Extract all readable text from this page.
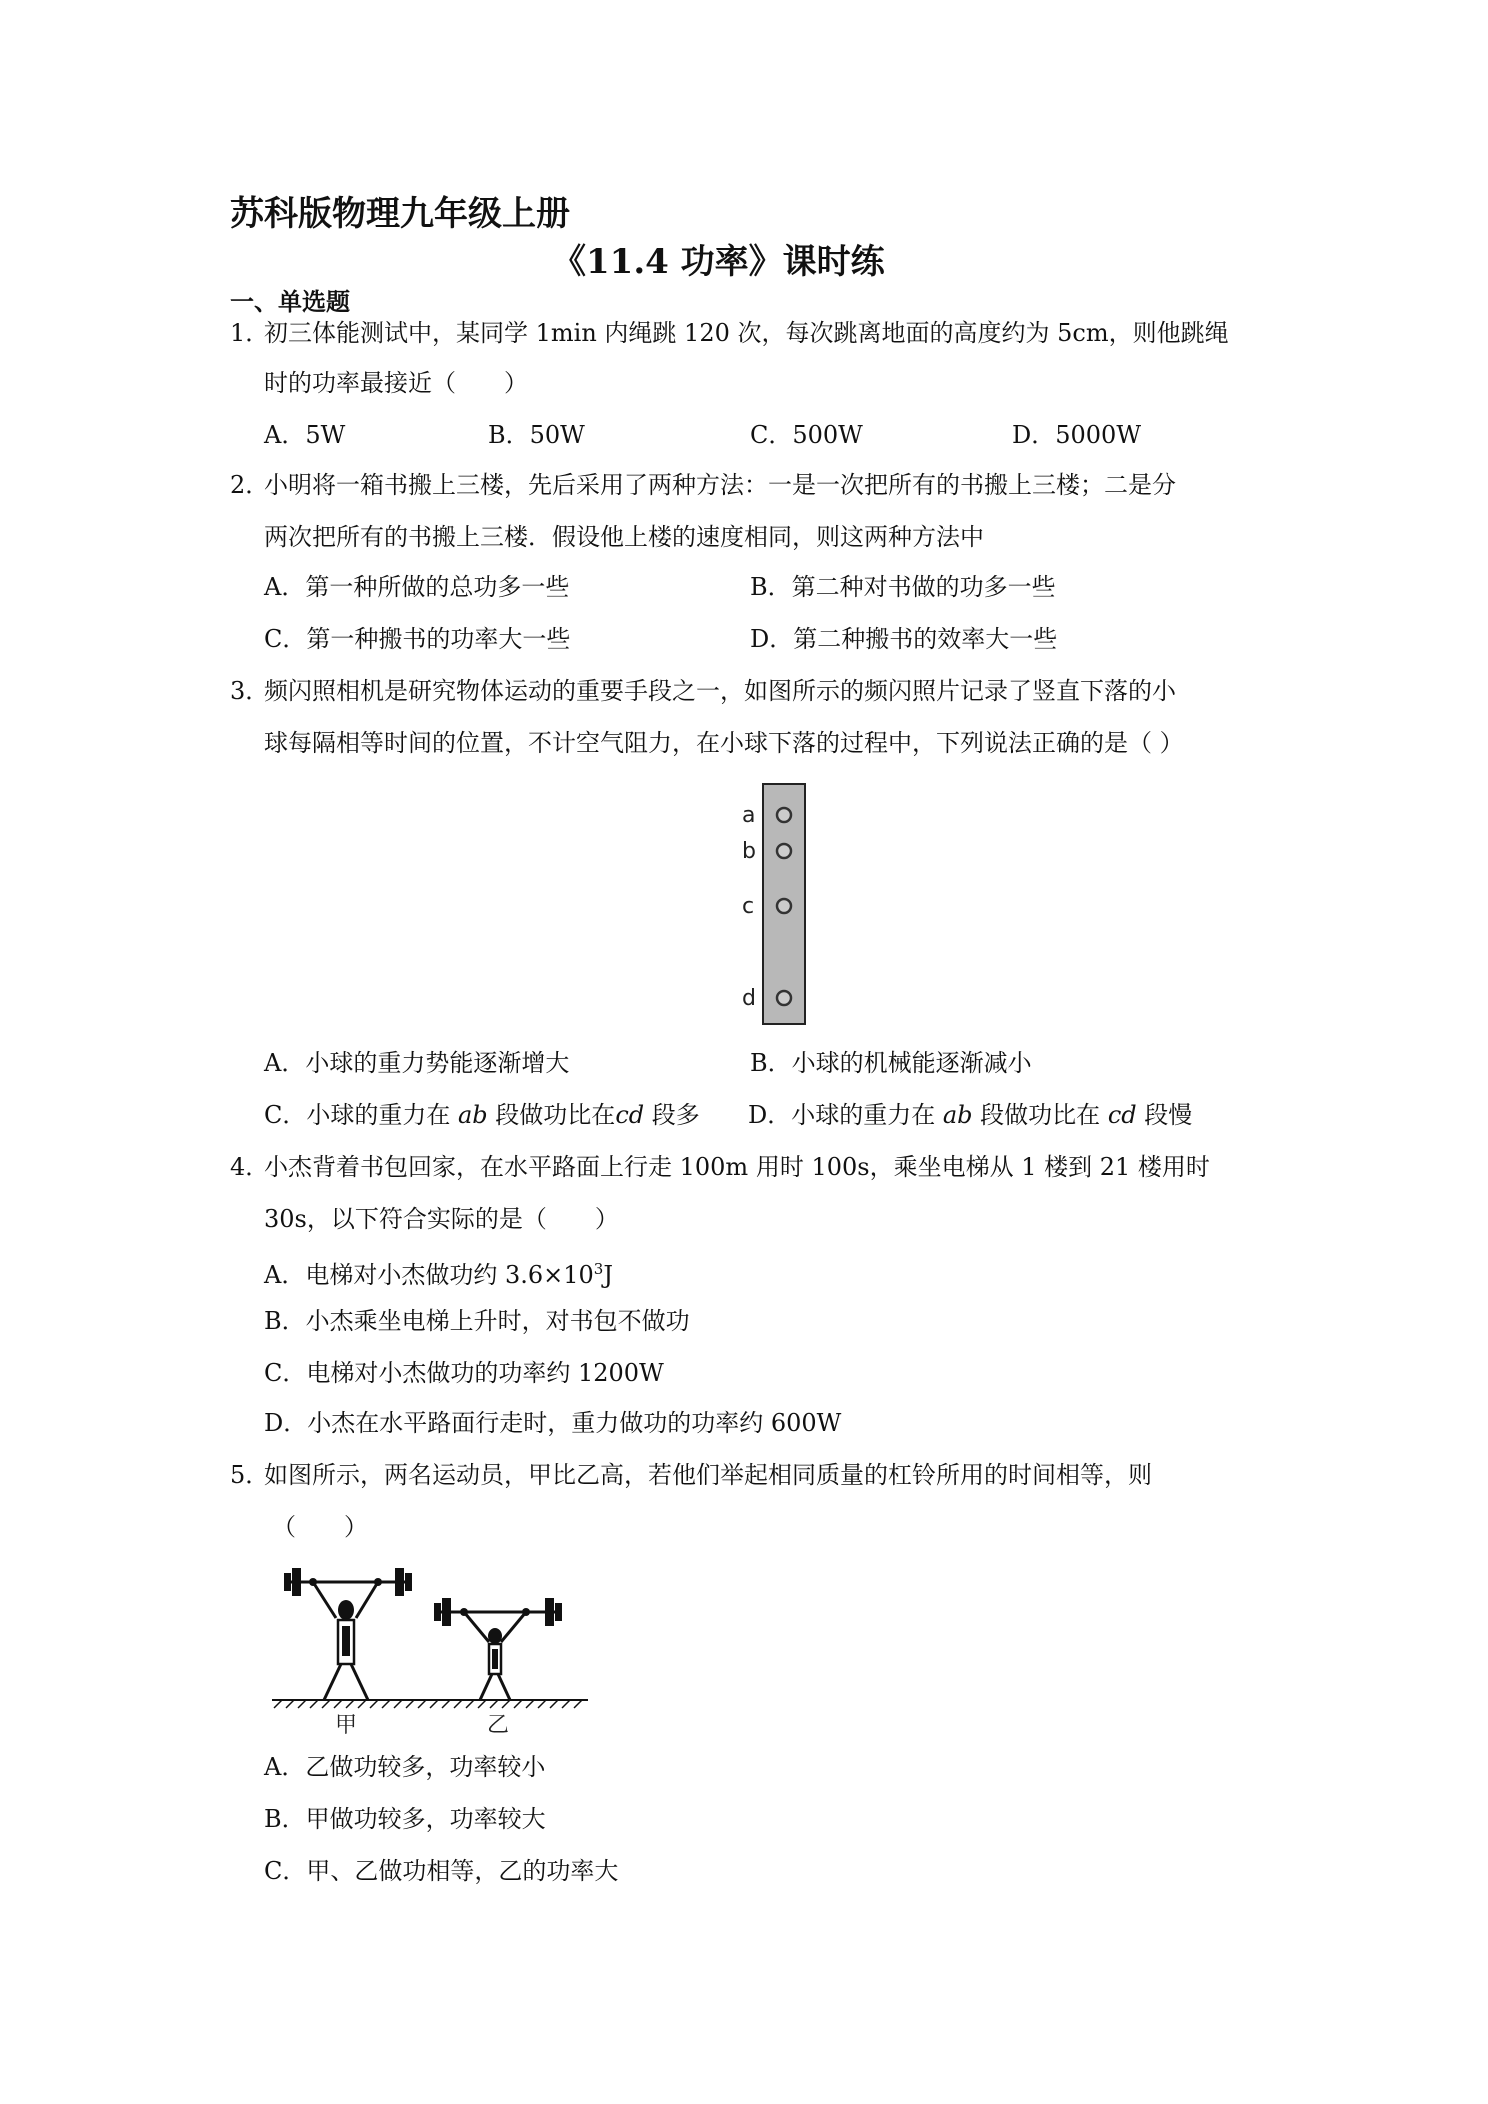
苏科版物理九年级上册
《11.4 功率》课时练
一、单选题
1．
初三体能测试中，某同学 1min 内绳跳 120 次，每次跳离地面的高度约为 5cm，则他跳绳
时的功率最接近（　　）
A．5W	B．50W	C．500W	D．5000W
2．
小明将一箱书搬上三楼，先后采用了两种方法：一是一次把所有的书搬上三楼；二是分
两次把所有的书搬上三楼．假设他上楼的速度相同，则这两种方法中
A．第一种所做的总功多一些	B．第二种对书做的功多一些
C．第一种搬书的功率大一些	D．第二种搬书的效率大一些
3．
频闪照相机是研究物体运动的重要手段之一，如图所示的频闪照片记录了竖直下落的小
球每隔相等时间的位置，不计空气阻力，在小球下落的过程中，下列说法正确的是（ ）
a
b
c
d
A．小球的重力势能逐渐增大	B．小球的机械能逐渐减小
C．小球的重力在 ab 段做功比在cd 段多 D．小球的重力在 ab 段做功比在 cd 段慢
4．
小杰背着书包回家，在水平路面上行走 100m 用时 100s，乘坐电梯从 1 楼到 21 楼用时
30s，以下符合实际的是（　　）
A．电梯对小杰做功约 $3.6\times 10^3J$
B．小杰乘坐电梯上升时，对书包不做功
C．电梯对小杰做功的功率约 1200W
D．小杰在水平路面行走时，重力做功的功率约 600W
5．
如图所示，两名运动员，甲比乙高，若他们举起相同质量的杠铃所用的时间相等，则
（　　）
甲	乙
A．乙做功较多，功率较小
B．甲做功较多，功率较大
C．甲、乙做功相等，乙的功率大
